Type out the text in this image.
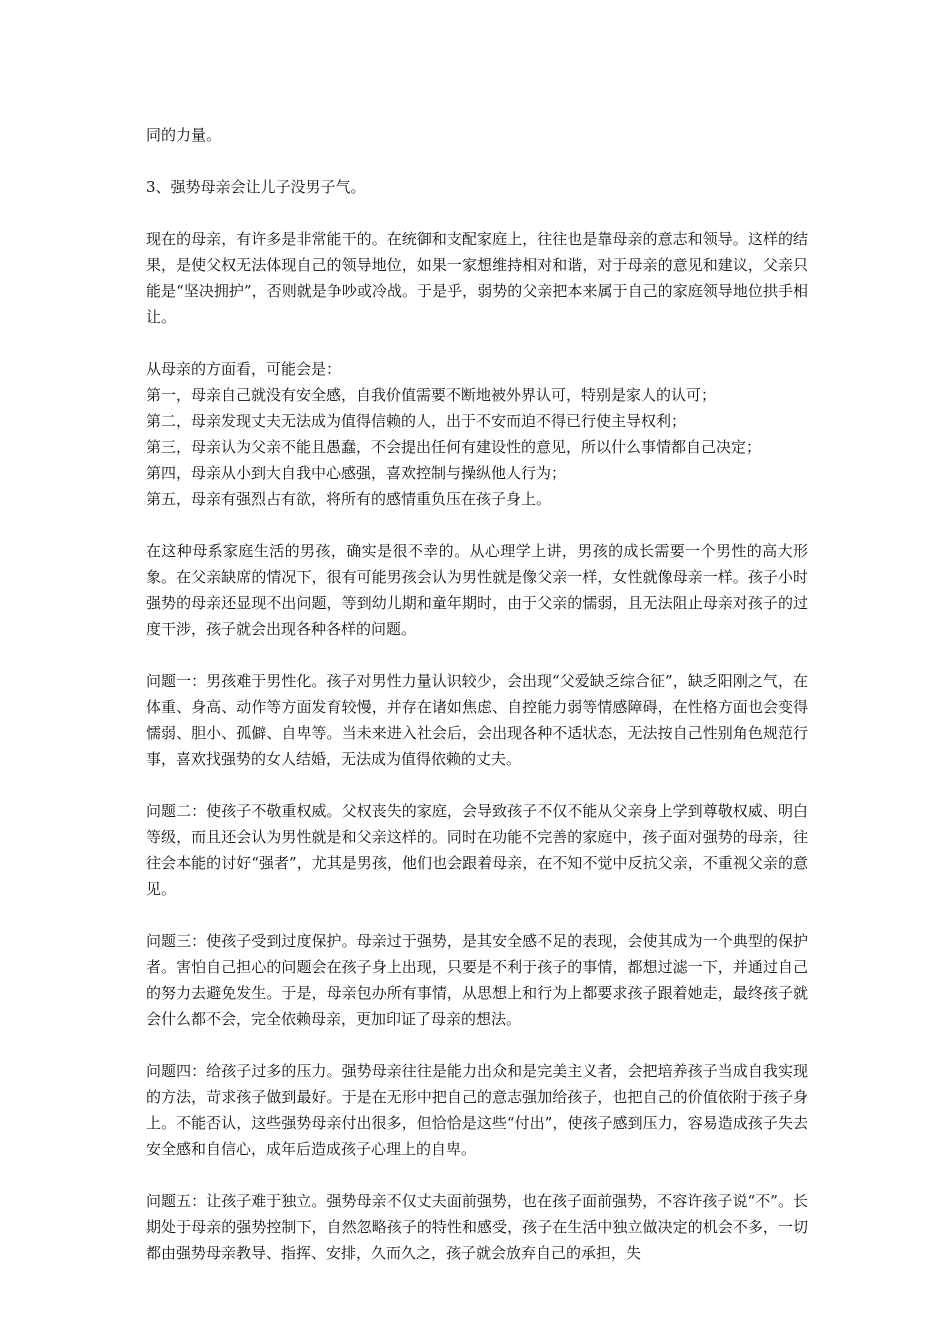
同的力量。

3、强势母亲会让儿子没男子气。

现在的母亲，有许多是非常能干的。在统御和支配家庭上，往往也是靠母亲的意志和领导。这样的结果，是使父权无法体现自己的领导地位，如果一家想维持相对和谐，对于母亲的意见和建议，父亲只能是“坚决拥护”，否则就是争吵或冷战。于是乎，弱势的父亲把本来属于自己的家庭领导地位拱手相让。

从母亲的方面看，可能会是：

第一，母亲自己就没有安全感，自我价值需要不断地被外界认可，特别是家人的认可；

第二，母亲发现丈夫无法成为值得信赖的人，出于不安而迫不得已行使主导权利；

第三，母亲认为父亲不能且愚蠢，不会提出任何有建设性的意见，所以什么事情都自己决定；

第四，母亲从小到大自我中心感强，喜欢控制与操纵他人行为；

第五，母亲有强烈占有欲，将所有的感情重负压在孩子身上。

在这种母系家庭生活的男孩，确实是很不幸的。从心理学上讲，男孩的成长需要一个男性的高大形象。在父亲缺席的情况下，很有可能男孩会认为男性就是像父亲一样，女性就像母亲一样。孩子小时强势的母亲还显现不出问题，等到幼儿期和童年期时，由于父亲的懦弱，且无法阻止母亲对孩子的过度干涉，孩子就会出现各种各样的问题。

问题一：男孩难于男性化。孩子对男性力量认识较少，会出现“父爱缺乏综合征”，缺乏阳刚之气，在体重、身高、动作等方面发育较慢，并存在诸如焦虑、自控能力弱等情感障碍，在性格方面也会变得懦弱、胆小、孤僻、自卑等。当未来进入社会后，会出现各种不适状态，无法按自己性别角色规范行事，喜欢找强势的女人结婚，无法成为值得依赖的丈夫。

问题二：使孩子不敬重权威。父权丧失的家庭，会导致孩子不仅不能从父亲身上学到尊敬权威、明白等级，而且还会认为男性就是和父亲这样的。同时在功能不完善的家庭中，孩子面对强势的母亲，往往会本能的讨好“强者”，尤其是男孩，他们也会跟着母亲，在不知不觉中反抗父亲，不重视父亲的意见。

问题三：使孩子受到过度保护。母亲过于强势，是其安全感不足的表现，会使其成为一个典型的保护者。害怕自己担心的问题会在孩子身上出现，只要是不利于孩子的事情，都想过滤一下，并通过自己的努力去避免发生。于是，母亲包办所有事情，从思想上和行为上都要求孩子跟着她走，最终孩子就会什么都不会，完全依赖母亲，更加印证了母亲的想法。

问题四：给孩子过多的压力。强势母亲往往是能力出众和是完美主义者，会把培养孩子当成自我实现的方法，苛求孩子做到最好。于是在无形中把自己的意志强加给孩子，也把自己的价值依附于孩子身上。不能否认，这些强势母亲付出很多，但恰恰是这些“付出”，使孩子感到压力，容易造成孩子失去安全感和自信心，成年后造成孩子心理上的自卑。

问题五：让孩子难于独立。强势母亲不仅丈夫面前强势，也在孩子面前强势，不容许孩子说“不”。长期处于母亲的强势控制下，自然忽略孩子的特性和感受，孩子在生活中独立做决定的机会不多，一切都由强势母亲教导、指挥、安排，久而久之，孩子就会放弃自己的承担，失
